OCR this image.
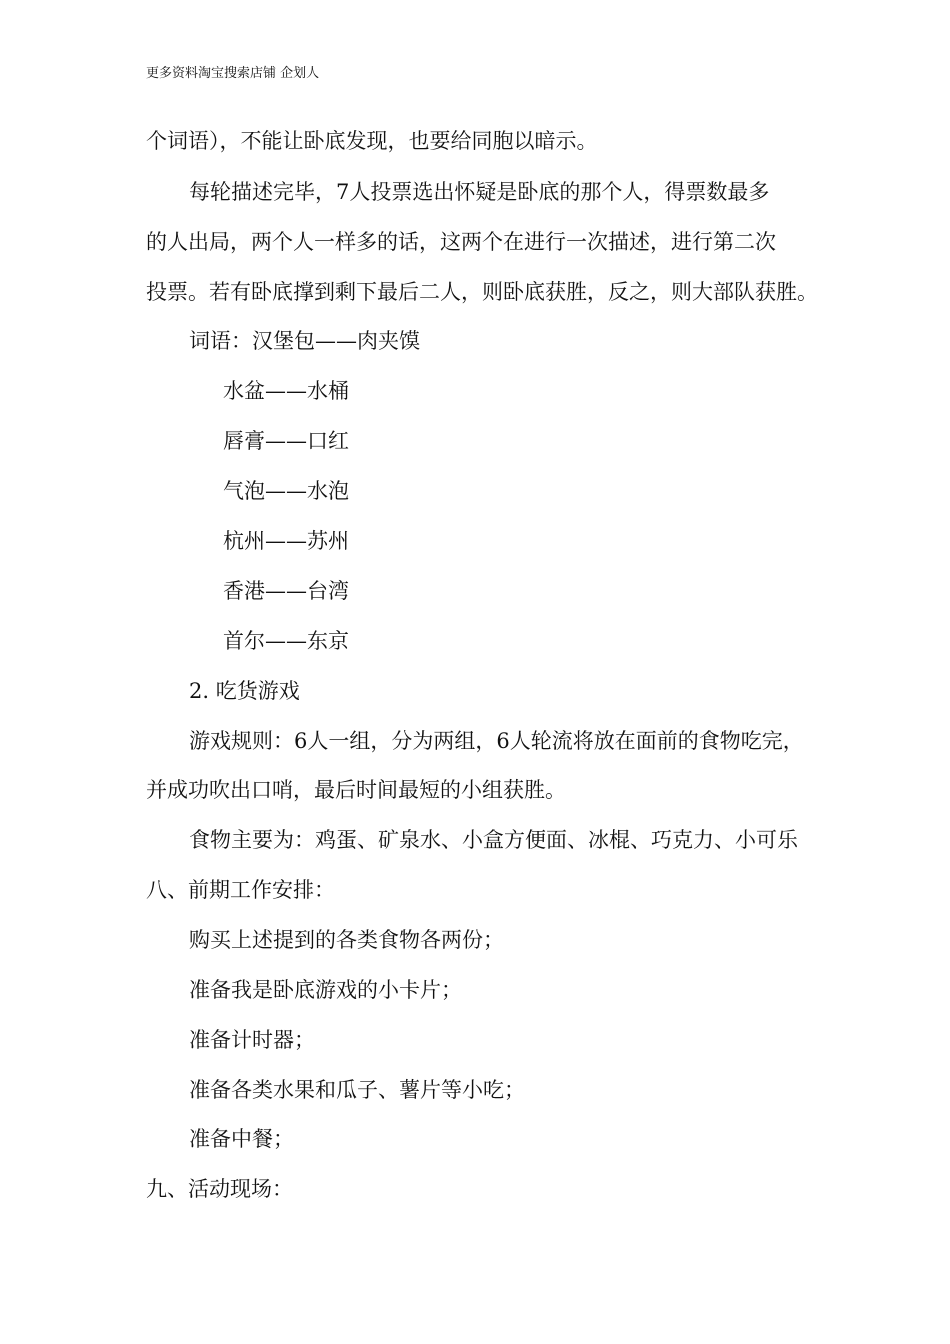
更多资料淘宝搜索店铺 企划人
个词语），不能让卧底发现，也要给同胞以暗示。
每轮描述完毕，7人投票选出怀疑是卧底的那个人，得票数最多
的人出局，两个人一样多的话，这两个在进行一次描述，进行第二次
投票。若有卧底撑到剩下最后二人，则卧底获胜，反之，则大部队获胜。
词语：汉堡包——肉夹馍
水盆——水桶
唇膏——口红
气泡——水泡
杭州——苏州
香港——台湾
首尔——东京
2. 吃货游戏
游戏规则：6人一组，分为两组，6人轮流将放在面前的食物吃完，
并成功吹出口哨，最后时间最短的小组获胜。
食物主要为：鸡蛋、矿泉水、小盒方便面、冰棍、巧克力、小可乐
八、前期工作安排：
购买上述提到的各类食物各两份；
准备我是卧底游戏的小卡片；
准备计时器；
准备各类水果和瓜子、薯片等小吃；
准备中餐；
九、活动现场：
